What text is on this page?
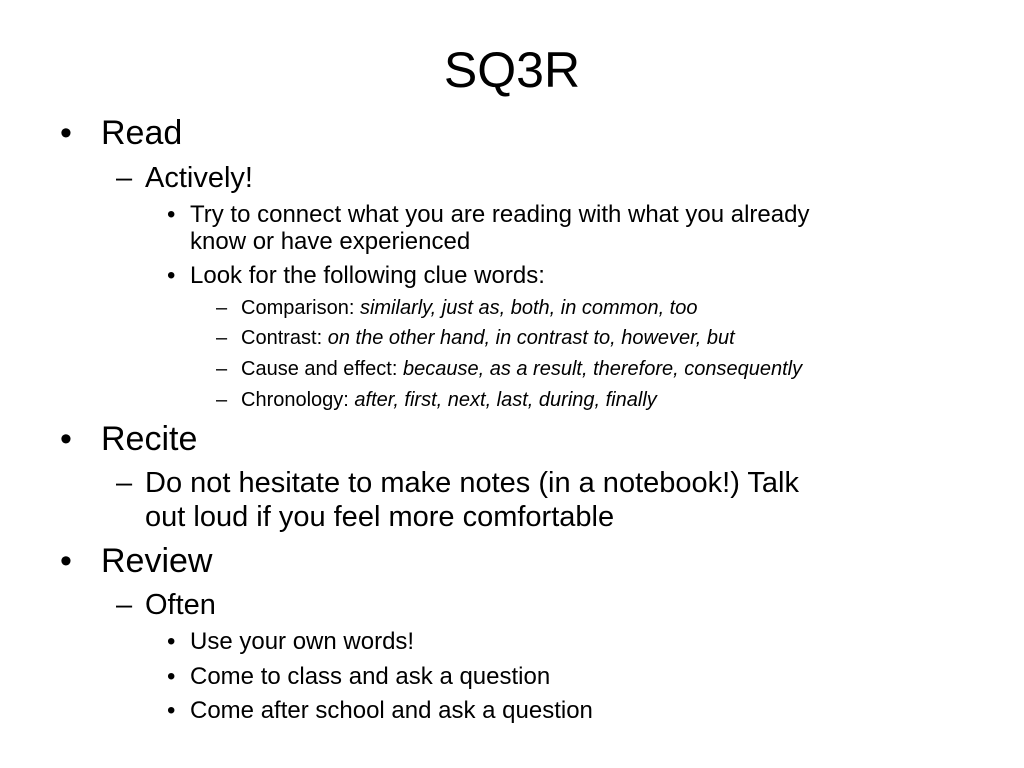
SQ3R
• Read
– Actively!
• Try to connect what you are reading with what you already
know or have experienced
• Look for the following clue words:
– Comparison: similarly, just as, both, in common, too
– Contrast: on the other hand, in contrast to, however, but
– Cause and effect: because, as a result, therefore, consequently
– Chronology: after, first, next, last, during, finally
• Recite
– Do not hesitate to make notes (in a notebook!) Talk
out loud if you feel more comfortable
• Review
– Often
• Use your own words!
• Come to class and ask a question
• Come after school and ask a question
